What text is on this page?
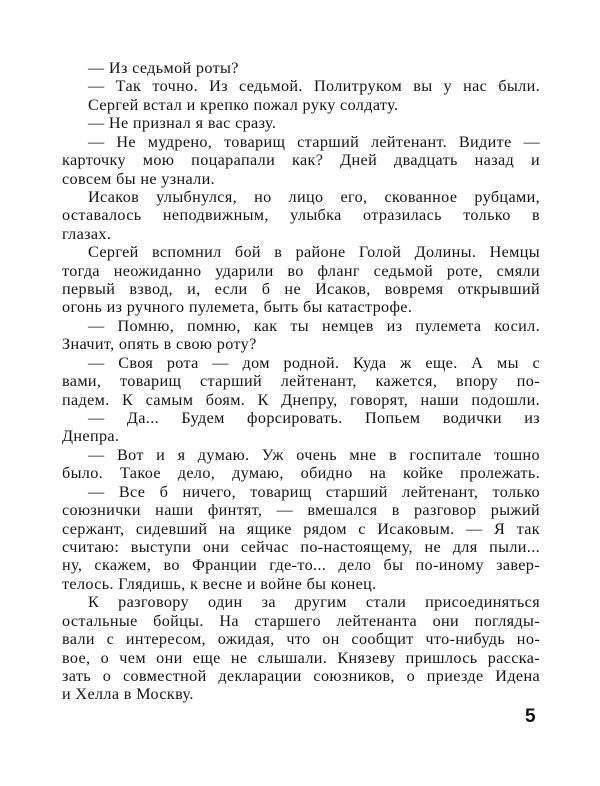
— Из седьмой роты?
— Так точно. Из седьмой. Политруком вы у нас были.
Сергей встал и крепко пожал руку солдату.
— Не признал я вас сразу.
— Не мудрено, товарищ старший лейтенант. Видите —
карточку мою поцарапали как? Дней двадцать назад и
совсем бы не узнали.
Исаков улыбнулся, но лицо его, скованное рубцами,
оставалось неподвижным, улыбка отразилась только в
глазах.
Сергей вспомнил бой в районе Голой Долины. Немцы
тогда неожиданно ударили во фланг седьмой роте, смяли
первый взвод, и, если б не Исаков, вовремя открывший
огонь из ручного пулемета, быть бы катастрофе.
— Помню, помню, как ты немцев из пулемета косил.
Значит, опять в свою роту?
— Своя рота — дом родной. Куда ж еще. А мы с
вами, товарищ старший лейтенант, кажется, впору по-
падем. К самым боям. К Днепру, говорят, наши подошли.
— Да... Будем форсировать. Попьем водички из
Днепра.
— Вот и я думаю. Уж очень мне в госпитале тошно
было. Такое дело, думаю, обидно на койке пролежать.
— Все б ничего, товарищ старший лейтенант, только
союзнички наши финтят, — вмешался в разговор рыжий
сержант, сидевший на ящике рядом с Исаковым. — Я так
считаю: выступи они сейчас по-настоящему, не для пыли...
ну, скажем, во Франции где-то... дело бы по-иному завер-
телось. Глядишь, к весне и войне бы конец.
К разговору один за другим стали присоединяться
остальные бойцы. На старшего лейтенанта они погляды-
вали с интересом, ожидая, что он сообщит что-нибудь но-
вое, о чем они еще не слышали. Князеву пришлось расска-
зать о совместной декларации союзников, о приезде Идена
и Хелла в Москву.
5
